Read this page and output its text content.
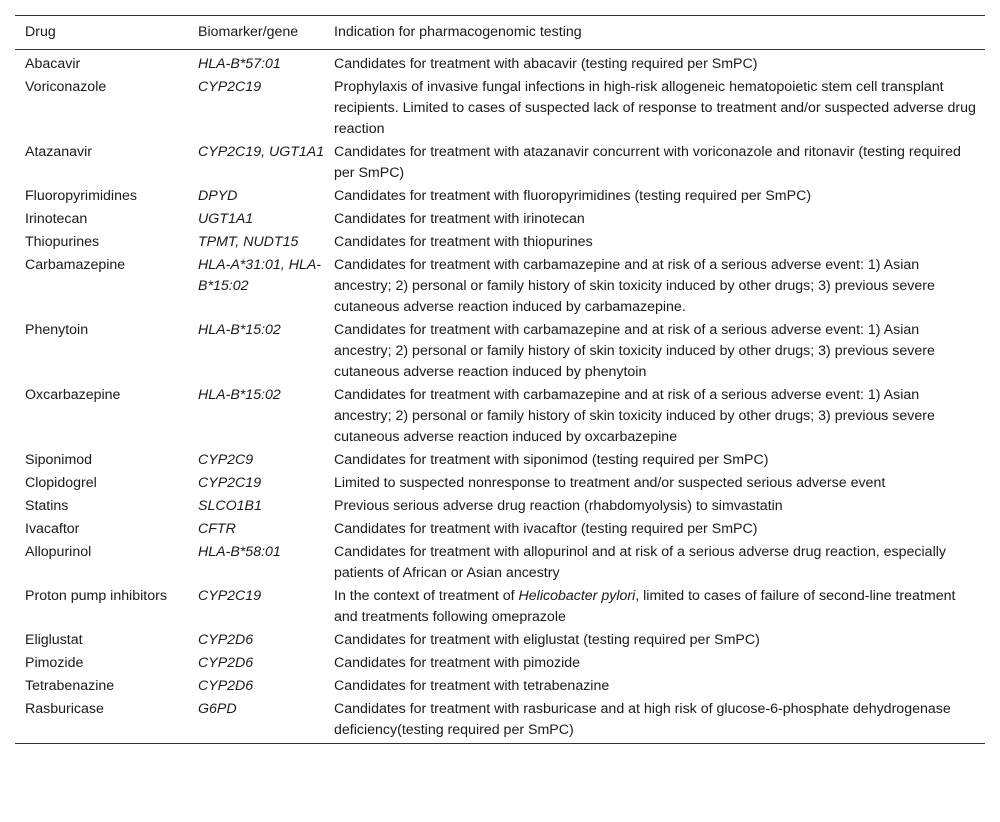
Drug	Biomarker/gene	Indication for pharmacogenomic testing
Abacavir	HLA-B*57:01	Candidates for treatment with abacavir (testing required per SmPC)
Voriconazole	CYP2C19	Prophylaxis of invasive fungal infections in high-risk allogeneic hematopoietic stem cell transplant recipients. Limited to cases of suspected lack of response to treatment and/or suspected adverse drug reaction
Atazanavir	CYP2C19, UGT1A1	Candidates for treatment with atazanavir concurrent with voriconazole and ritonavir (testing required per SmPC)
Fluoropyrimidines	DPYD	Candidates for treatment with fluoropyrimidines (testing required per SmPC)
Irinotecan	UGT1A1	Candidates for treatment with irinotecan
Thiopurines	TPMT, NUDT15	Candidates for treatment with thiopurines
Carbamazepine	HLA-A*31:01, HLA-B*15:02	Candidates for treatment with carbamazepine and at risk of a serious adverse event: 1) Asian ancestry; 2) personal or family history of skin toxicity induced by other drugs; 3) previous severe cutaneous adverse reaction induced by carbamazepine.
Phenytoin	HLA-B*15:02	Candidates for treatment with carbamazepine and at risk of a serious adverse event: 1) Asian ancestry; 2) personal or family history of skin toxicity induced by other drugs; 3) previous severe cutaneous adverse reaction induced by phenytoin
Oxcarbazepine	HLA-B*15:02	Candidates for treatment with carbamazepine and at risk of a serious adverse event: 1) Asian ancestry; 2) personal or family history of skin toxicity induced by other drugs; 3) previous severe cutaneous adverse reaction induced by oxcarbazepine
Siponimod	CYP2C9	Candidates for treatment with siponimod (testing required per SmPC)
Clopidogrel	CYP2C19	Limited to suspected nonresponse to treatment and/or suspected serious adverse event
Statins	SLCO1B1	Previous serious adverse drug reaction (rhabdomyolysis) to simvastatin
Ivacaftor	CFTR	Candidates for treatment with ivacaftor (testing required per SmPC)
Allopurinol	HLA-B*58:01	Candidates for treatment with allopurinol and at risk of a serious adverse drug reaction, especially patients of African or Asian ancestry
Proton pump inhibitors	CYP2C19	In the context of treatment of Helicobacter pylori, limited to cases of failure of second-line treatment and treatments following omeprazole
Eliglustat	CYP2D6	Candidates for treatment with eliglustat (testing required per SmPC)
Pimozide	CYP2D6	Candidates for treatment with pimozide
Tetrabenazine	CYP2D6	Candidates for treatment with tetrabenazine
Rasburicase	G6PD	Candidates for treatment with rasburicase and at high risk of glucose-6-phosphate dehydrogenase deficiency(testing required per SmPC)
